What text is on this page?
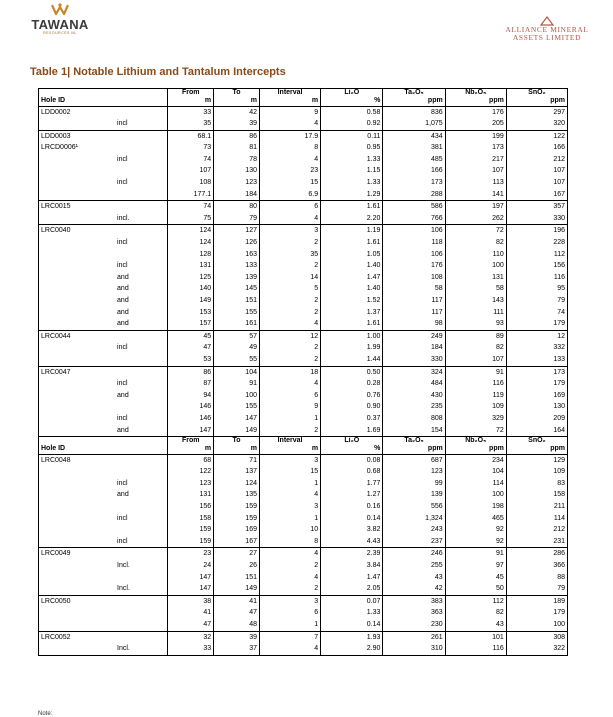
TAWANA
RESOURCES NL	ALLIANCE MINERAL
ASSETS LIMITED
Table 1| Notable Lithium and Tantalum Intercepts
		From	To	Interval	Li₂O	Ta₂O₅	Nb₂O₅	SnO₂
Hole ID		m	m	m	%	ppm	ppm	ppm
LDD0002		33	42	9	0.58	836	176	297
	incl	35	39	4	0.92	1,075	205	320
LDD0003		68.1	86	17.9	0.11	434	199	122
LRCD0006¹		73	81	8	0.95	381	173	166
	incl	74	78	4	1.33	485	217	212
		107	130	23	1.15	166	107	107
	incl	108	123	15	1.33	173	113	107
		177.1	184	6.9	1.29	288	141	167
LRC0015		74	80	6	1.61	586	197	357
	incl.	75	79	4	2.20	766	262	330
LRC0040		124	127	3	1.19	106	72	196
	incl	124	126	2	1.61	118	82	228
		128	163	35	1.05	106	110	112
	incl	131	133	2	1.40	176	100	156
	and	125	139	14	1.47	108	131	116
	and	140	145	5	1.40	58	58	95
	and	149	151	2	1.52	117	143	79
	and	153	155	2	1.37	117	111	74
	and	157	161	4	1.61	98	93	179
LRC0044		45	57	12	1.00	249	89	12
	incl	47	49	2	1.99	184	82	332
		53	55	2	1.44	330	107	133
LRC0047		86	104	18	0.50	324	91	173
	incl	87	91	4	0.28	484	116	179
	and	94	100	6	0.76	430	119	169
		146	155	9	0.90	235	109	130
	incl	146	147	1	0.37	808	329	209
	and	147	149	2	1.69	154	72	164
		From	To	Interval	Li₂O	Ta₂O₅	Nb₂O₅	SnO₂
Hole ID		m	m	m	%	ppm	ppm	ppm
LRC0048		68	71	3	0.08	687	234	129
		122	137	15	0.68	123	104	109
	incl	123	124	1	1.77	99	114	83
	and	131	135	4	1.27	139	100	158
		156	159	3	0.16	556	198	211
	incl	158	159	1	0.14	1,324	465	114
		159	169	10	3.82	243	92	212
	incl	159	167	8	4.43	237	92	231
LRC0049		23	27	4	2.39	246	91	286
	Incl.	24	26	2	3.84	255	97	366
		147	151	4	1.47	43	45	88
	Incl.	147	149	2	2.05	42	50	79
LRC0050		38	41	3	0.07	383	112	189
		41	47	6	1.33	363	82	179
		47	48	1	0.14	230	43	100
LRC0052		32	39	7	1.93	261	101	308
	Incl.	33	37	4	2.90	310	116	322
Note:
